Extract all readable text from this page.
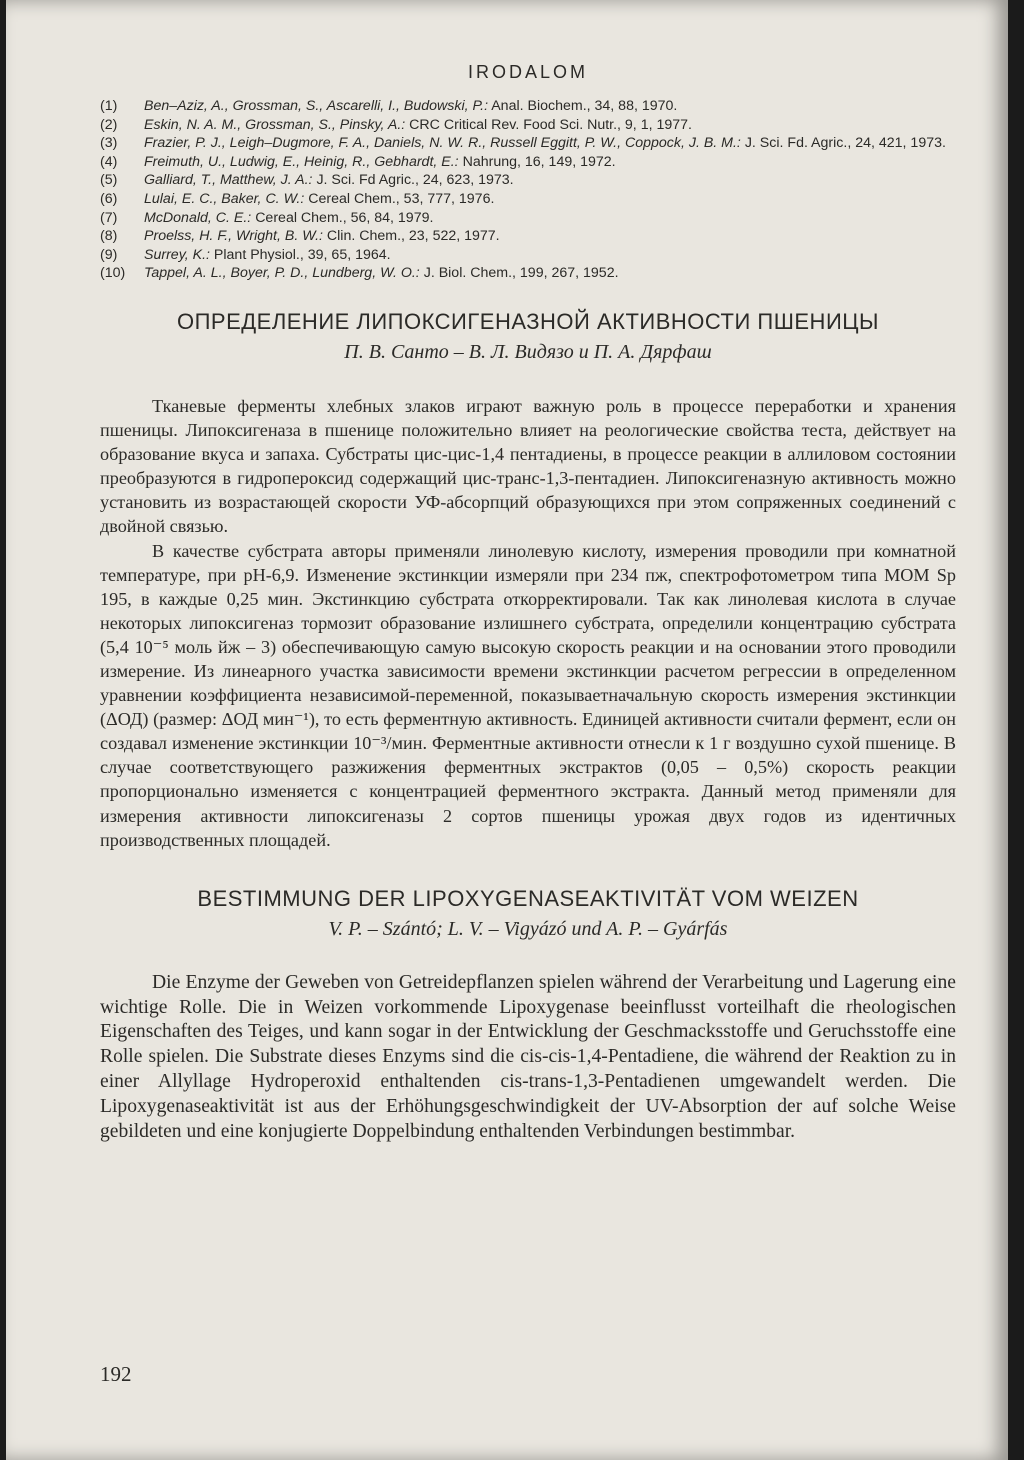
IRODALOM
(1)	Ben–Aziz, A., Grossman, S., Ascarelli, I., Budowski, P.: Anal. Biochem., 34, 88, 1970.
(2)	Eskin, N. A. M., Grossman, S., Pinsky, A.: CRC Critical Rev. Food Sci. Nutr., 9, 1, 1977.
(3)	Frazier, P. J., Leigh–Dugmore, F. A., Daniels, N. W. R., Russell Eggitt, P. W., Coppock, J. B. M.: J. Sci. Fd. Agric., 24, 421, 1973.
(4)	Freimuth, U., Ludwig, E., Heinig, R., Gebhardt, E.: Nahrung, 16, 149, 1972.
(5)	Galliard, T., Matthew, J. A.: J. Sci. Fd Agric., 24, 623, 1973.
(6)	Lulai, E. C., Baker, C. W.: Cereal Chem., 53, 777, 1976.
(7)	McDonald, C. E.: Cereal Chem., 56, 84, 1979.
(8)	Proelss, H. F., Wright, B. W.: Clin. Chem., 23, 522, 1977.
(9)	Surrey, K.: Plant Physiol., 39, 65, 1964.
(10)	Tappel, A. L., Boyer, P. D., Lundberg, W. O.: J. Biol. Chem., 199, 267, 1952.
ОПРЕДЕЛЕНИЕ ЛИПОКСИГЕНАЗНОЙ АКТИВНОСТИ ПШЕНИЦЫ

П. В. Санто – В. Л. Видязо и П. А. Дярфаш

Тканевые ферменты хлебных злаков играют важную роль в процессе переработки и хранения пшеницы. Липоксигеназа в пшенице положительно влияет на реологические свойства теста, действует на образование вкуса и запаха. Субстраты цис-цис-1,4 пентадиены, в процессе реакции в аллиловом состоянии преобразуются в гидропероксид содержащий цис-транс-1,3-пентадиен. Липоксигеназную активность можно установить из возрастающей скорости УФ-абсорпций образующихся при этом сопряженных соединений с двойной связью.

В качестве субстрата авторы применяли линолевую кислоту, измерения проводили при комнатной температуре, при pH-6,9. Изменение экстинкции измеряли при 234 пж, спектрофотометром типа МОМ Sp 195, в каждые 0,25 мин. Экстинкцию субстрата откорректировали. Так как линолевая кислота в случае некоторых липоксигеназ тормозит образование излишнего субстрата, определили концентрацию субстрата (5,4 10⁻⁵ моль йж – 3) обеспечивающую самую высокую скорость реакции и на основании этого проводили измерение. Из линеарного участка зависимости времени экстинкции расчетом регрессии в определенном уравнении коэффициента независимой-переменной, показываетначальную скорость измерения экстинкции (ΔОД) (размер: ΔОД мин⁻¹), то есть ферментную активность. Единицей активности считали фермент, если он создавал изменение экстинкции 10⁻³/мин. Ферментные активности отнесли к 1 г воздушно сухой пшенице. В случае соответствующего разжижения ферментных экстрактов (0,05 – 0,5%) скорость реакции пропорционально изменяется с концентрацией ферментного экстракта. Данный метод применяли для измерения активности липоксигеназы 2 сортов пшеницы урожая двух годов из идентичных производственных площадей.

BESTIMMUNG DER LIPOXYGENASEAKTIVITÄT VOM WEIZEN

V. P. – Szántó; L. V. – Vigyázó und A. P. – Gyárfás

Die Enzyme der Geweben von Getreidepflanzen spielen während der Verarbeitung und Lagerung eine wichtige Rolle. Die in Weizen vorkommende Lipoxygenase beeinflusst vorteilhaft die rheologischen Eigenschaften des Teiges, und kann sogar in der Entwicklung der Geschmacksstoffe und Geruchsstoffe eine Rolle spielen. Die Substrate dieses Enzyms sind die cis-cis-1,4-Pentadiene, die während der Reaktion zu in einer Allyllage Hydroperoxid enthaltenden cis-trans-1,3-Pentadienen umgewandelt werden. Die Lipoxygenaseaktivität ist aus der Erhöhungsgeschwindigkeit der UV-Absorption der auf solche Weise gebildeten und eine konjugierte Doppelbindung enthaltenden Verbindungen bestimmbar.

192
